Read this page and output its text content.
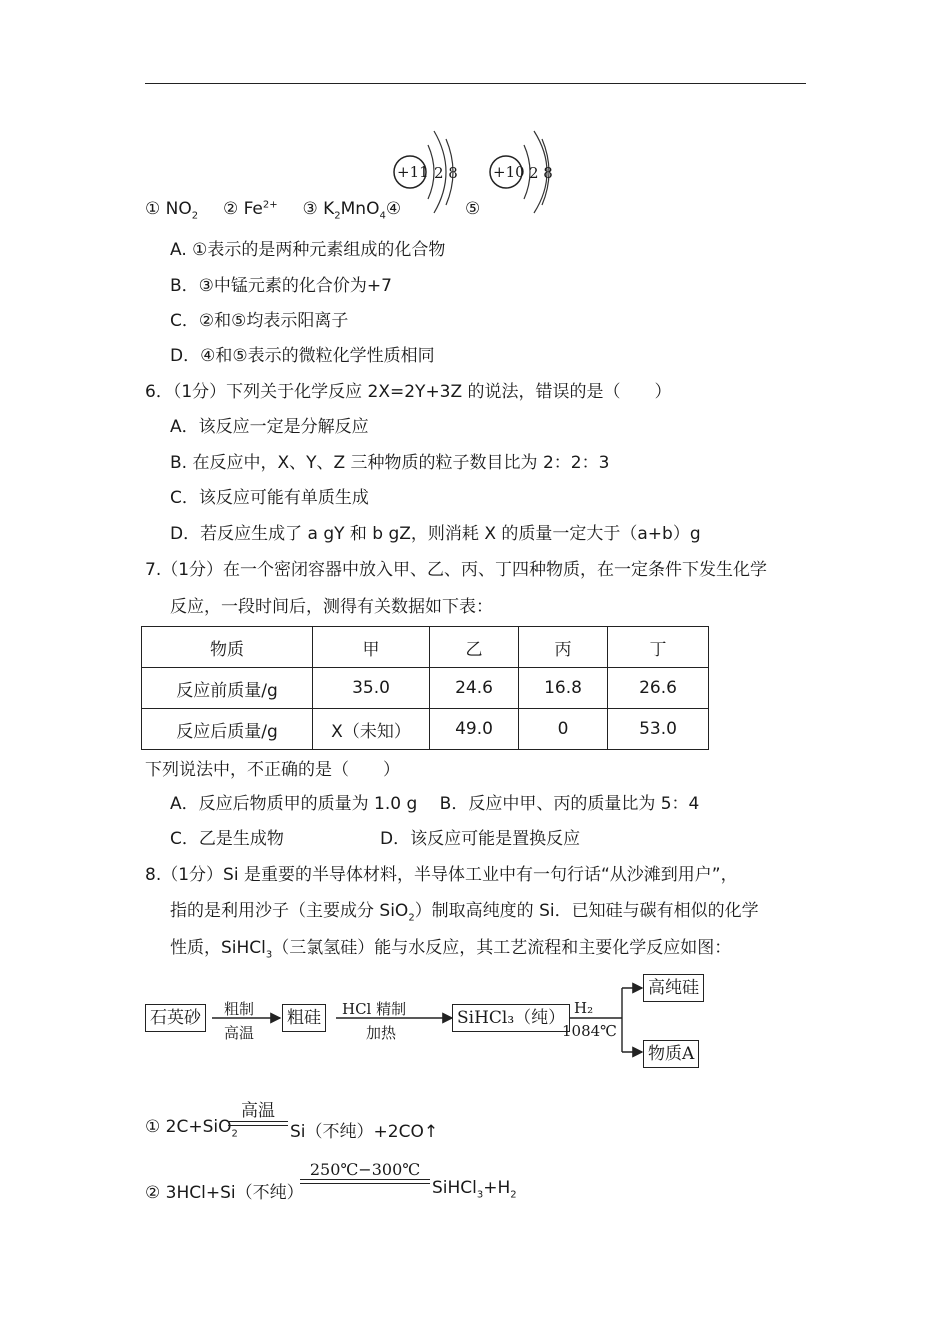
+11 2 8 +10 2 8
① $NO_2$ ② $Fe^{2+}$ ③ $K_2MnO_4④$	⑤
A. ①表示的是两种元素组成的化合物
B．③中锰元素的化合价为+7
C．②和⑤均表示阳离子
D．④和⑤表示的微粒化学性质相同
6．（1分）下列关于化学反应 2X=2Y+3Z 的说法，错误的是（　　）
A．该反应一定是分解反应
B. 在反应中，X、Y、Z 三种物质的粒子数目比为 2：2：3
C．该反应可能有单质生成
D．若反应生成了 a gY 和 b gZ，则消耗 X 的质量一定大于（a+b）g
7.（1分）在一个密闭容器中放入甲、乙、丙、丁四种物质，在一定条件下发生化学
反应，一段时间后，测得有关数据如下表：
物质	甲	乙	丙	丁
反应前质量/g	35.0	24.6	16.8	26.6
反应后质量/g	X（未知）	49.0	0	53.0
下列说法中，不正确的是（　　）
A．反应后物质甲的质量为 1.0 g　 B．反应中甲、丙的质量比为 5：4
C．乙是生成物	D．该反应可能是置换反应
8.（1分）Si 是重要的半导体材料，半导体工业中有一句行话“从沙滩到用户”，
指的是利用沙子（主要成分 SiO$_2$）制取高纯度的 Si．已知硅与碳有相似的化学
性质，SiHCl$_3$（三氯氢硅）能与水反应，其工艺流程和主要化学反应如图：
石英砂	粗制
高温
粗硅	HCl 精制
加热
SiHCl₃（纯） H₂
1084℃
高纯硅
物质A
① 2C+SiO$_2$
高温
Si（不纯）+2CO↑
② 3HCl+Si（不纯）
250℃−300℃
$SiHCl_3+H_2$
